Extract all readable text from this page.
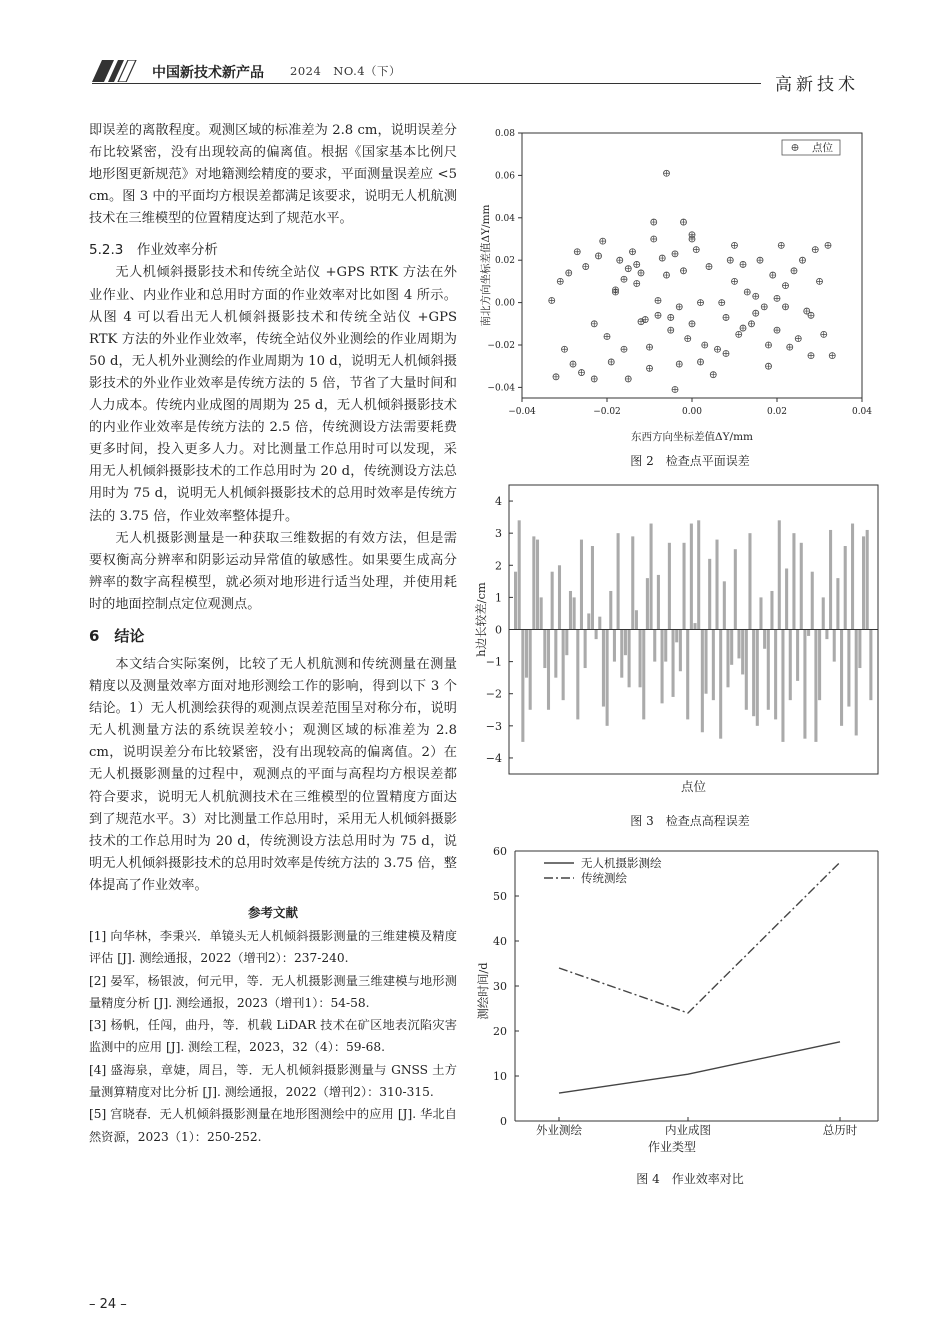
中国新技术新产品 2024　NO.4（下）
高新技术

即误差的离散程度。观测区域的标准差为 2.8 cm，说明误差分布比较紧密，没有出现较高的偏离值。根据《国家基本比例尺地形图更新规范》对地籍测绘精度的要求，平面测量误差应 <5 cm。图 3 中的平面均方根误差都满足该要求，说明无人机航测技术在三维模型的位置精度达到了规范水平。

5.2.3　作业效率分析

无人机倾斜摄影技术和传统全站仪 +GPS RTK 方法在外业作业、内业作业和总用时方面的作业效率对比如图 4 所示。从图 4 可以看出无人机倾斜摄影技术和传统全站仪 +GPS RTK 方法的外业作业效率，传统全站仪外业测绘的作业周期为 50 d，无人机外业测绘的作业周期为 10 d，说明无人机倾斜摄影技术的外业作业效率是传统方法的 5 倍，节省了大量时间和人力成本。传统内业成图的周期为 25 d，无人机倾斜摄影技术的内业作业效率是传统方法的 2.5 倍，传统测设方法需要耗费更多时间，投入更多人力。对比测量工作总用时可以发现，采用无人机倾斜摄影技术的工作总用时为 20 d，传统测设方法总用时为 75 d，说明无人机倾斜摄影技术的总用时效率是传统方法的 3.75 倍，作业效率整体提升。

无人机摄影测量是一种获取三维数据的有效方法，但是需要权衡高分辨率和阴影运动异常值的敏感性。如果要生成高分辨率的数字高程模型，就必须对地形进行适当处理，并使用耗时的地面控制点定位观测点。

6　结论

本文结合实际案例，比较了无人机航测和传统测量在测量精度以及测量效率方面对地形测绘工作的影响，得到以下 3 个结论。1）无人机测绘获得的观测点误差范围呈对称分布，说明无人机测量方法的系统误差较小；观测区域的标准差为 2.8 cm，说明误差分布比较紧密，没有出现较高的偏离值。2）在无人机摄影测量的过程中，观测点的平面与高程均方根误差都符合要求，说明无人机航测技术在三维模型的位置精度方面达到了规范水平。3）对比测量工作总用时，采用无人机倾斜摄影技术的工作总用时为 20 d，传统测设方法总用时为 75 d，说明无人机倾斜摄影技术的总用时效率是传统方法的 3.75 倍，整体提高了作业效率。

参考文献

[1] 向华林，李秉兴．单镜头无人机倾斜摄影测量的三维建模及精度评估 [J]. 测绘通报，2022（增刊2）：237-240.

[2] 晏军，杨银波，何元甲，等．无人机摄影测量三维建模与地形测量精度分析 [J]. 测绘通报，2023（增刊1）：54-58.

[3] 杨帆，任闯，曲丹，等．机载 LiDAR 技术在矿区地表沉陷灾害监测中的应用 [J]. 测绘工程，2023，32（4）：59-68.

[4] 盛海泉，章婕，周吕，等．无人机倾斜摄影测量与 GNSS 土方量测算精度对比分析 [J]. 测绘通报，2022（增刊2）：310-315.

[5] 宫晓春．无人机倾斜摄影测量在地形图测绘中的应用 [J]. 华北自然资源，2023（1）：250-252.

– 24 –
−0.04	−0.02	0.00	0.02	0.04
−0.04
−0.02
0.00
0.02
0.04
0.06
0.08
点位
东西方向坐标差值ΔY/mm
南北方向坐标差值ΔY/mm
4
3
2
1
0
−1
−2
−3
−4
点位
h边长较差/cm
0
10
20
30
40
50
60
外业测绘	内业成图	总历时
无人机摄影测绘
传统测绘
作业类型
测绘时间/d
图 2　检查点平面误差
图 3　检查点高程误差
图 4　作业效率对比
